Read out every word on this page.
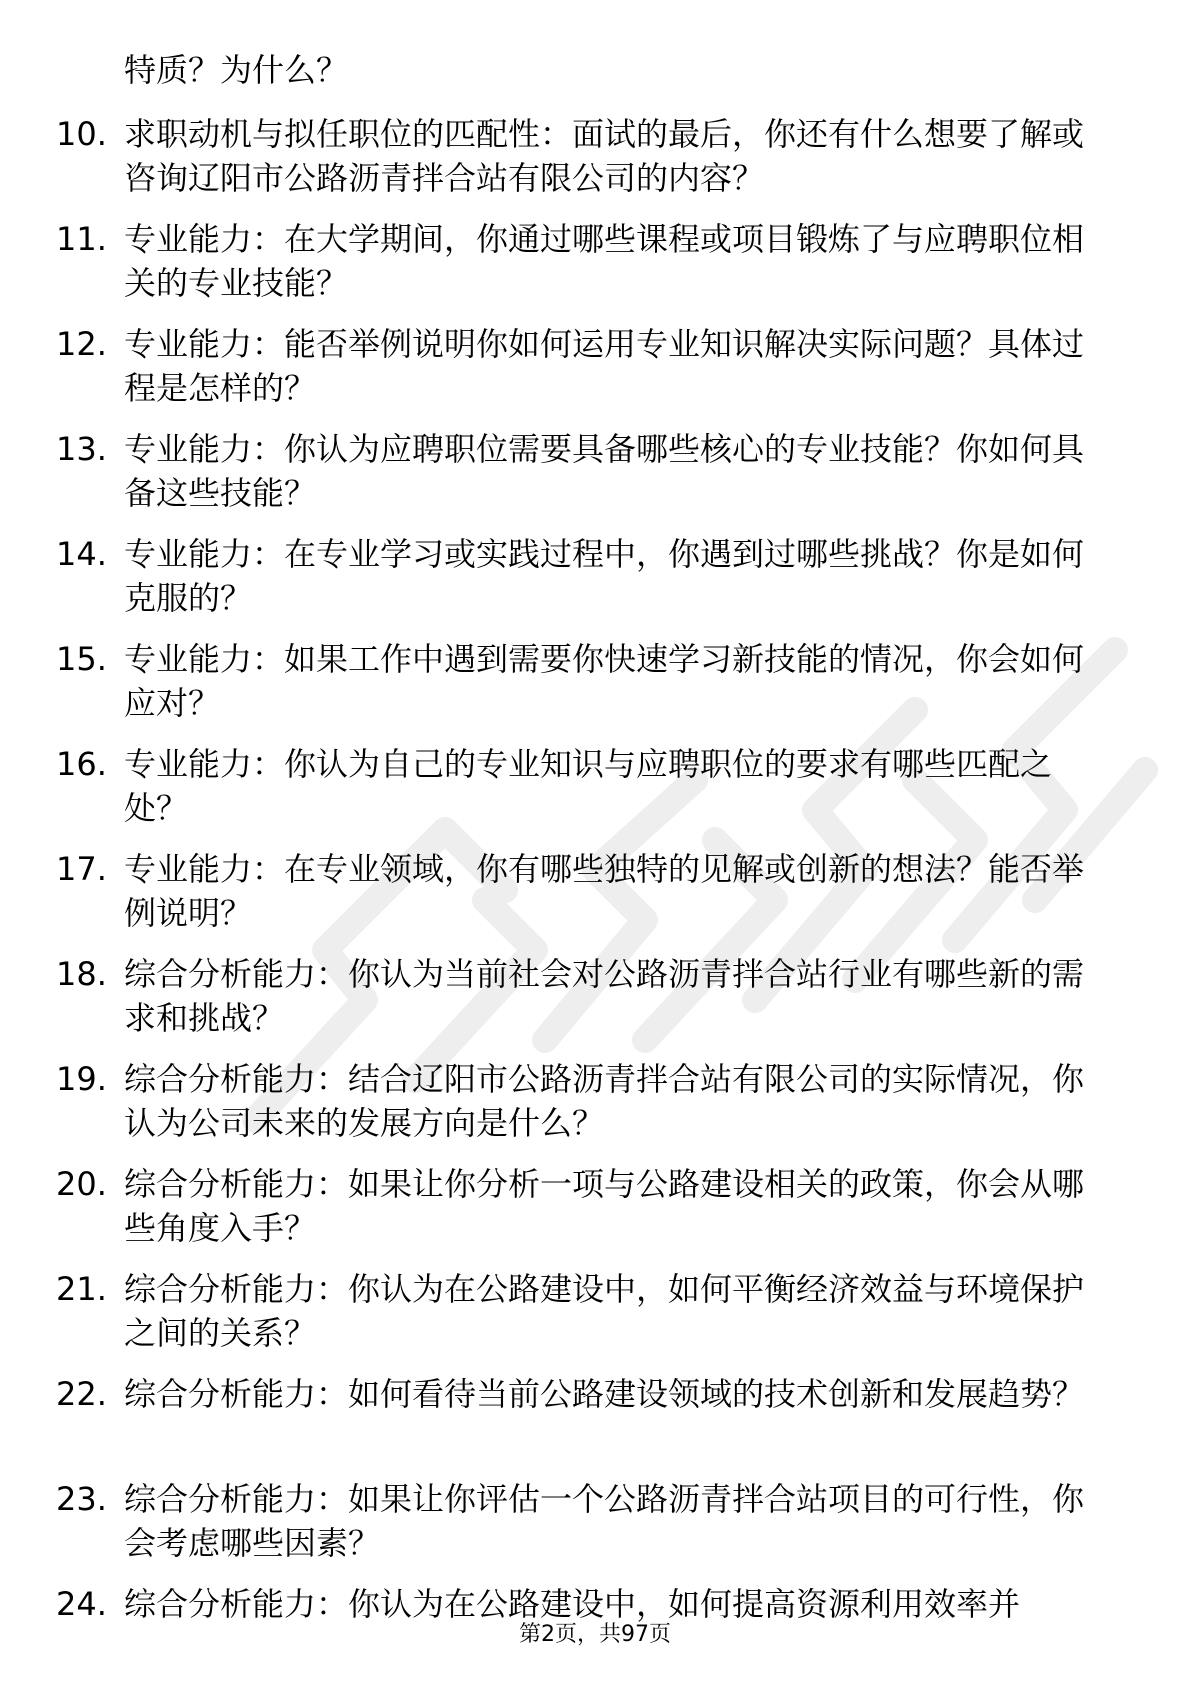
特质？为什么？
10. 求职动机与拟任职位的匹配性：面试的最后，你还有什么想要了解或咨询辽阳市公路沥青拌合站有限公司的内容？
11. 专业能力：在大学期间，你通过哪些课程或项目锻炼了与应聘职位相关的专业技能？
12. 专业能力：能否举例说明你如何运用专业知识解决实际问题？具体过程是怎样的？
13. 专业能力：你认为应聘职位需要具备哪些核心的专业技能？你如何具备这些技能？
14. 专业能力：在专业学习或实践过程中，你遇到过哪些挑战？你是如何克服的？
15. 专业能力：如果工作中遇到需要你快速学习新技能的情况，你会如何应对？
16. 专业能力：你认为自己的专业知识与应聘职位的要求有哪些匹配之处？
17. 专业能力：在专业领域，你有哪些独特的见解或创新的想法？能否举例说明？
18. 综合分析能力：你认为当前社会对公路沥青拌合站行业有哪些新的需求和挑战？
19. 综合分析能力：结合辽阳市公路沥青拌合站有限公司的实际情况，你认为公司未来的发展方向是什么？
20. 综合分析能力：如果让你分析一项与公路建设相关的政策，你会从哪些角度入手？
21. 综合分析能力：你认为在公路建设中，如何平衡经济效益与环境保护之间的关系？
22. 综合分析能力：如何看待当前公路建设领域的技术创新和发展趋势？
23. 综合分析能力：如果让你评估一个公路沥青拌合站项目的可行性，你会考虑哪些因素？
24. 综合分析能力：你认为在公路建设中，如何提高资源利用效率并
第2页，共97页
